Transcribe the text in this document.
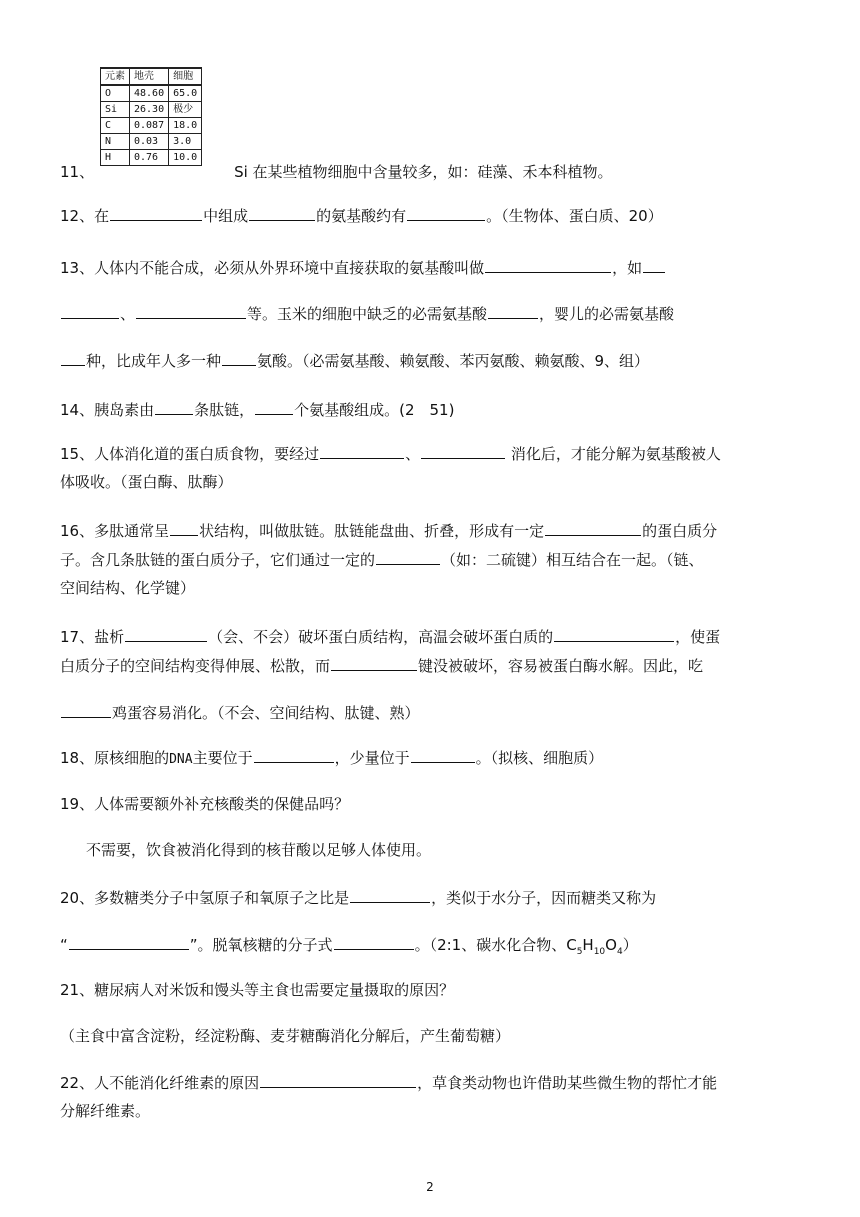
元素	地壳	细胞
O	48.60	65.0
Si	26.30	极少
C	0.087	18.0
N	0.03	3.0
H	0.76	10.0
11、	Si 在某些植物细胞中含量较多，如：硅藻、禾本科植物。
12、在	中组成	的氨基酸约有	。（生物体、蛋白质、20）
13、人体内不能合成，必须从外界环境中直接获取的氨基酸叫做	，如
、	等。玉米的细胞中缺乏的必需氨基酸	，婴儿的必需氨基酸
种，比成年人多一种 氨酸。（必需氨基酸、赖氨酸、苯丙氨酸、赖氨酸、9、组）
14、胰岛素由	条肽链，	个氨基酸组成。(2　51)
15、人体消化道的蛋白质食物，要经过	、	消化后，才能分解为氨基酸被人
体吸收。（蛋白酶、肽酶）
16、多肽通常呈 状结构，叫做肽链。肽链能盘曲、折叠，形成有一定	的蛋白质分
子。含几条肽链的蛋白质分子，它们通过一定的	（如：二硫键）相互结合在一起。（链、
空间结构、化学键）
17、盐析	（会、不会）破坏蛋白质结构，高温会破坏蛋白质的	，使蛋
白质分子的空间结构变得伸展、松散，而	键没被破坏，容易被蛋白酶水解。因此，吃
鸡蛋容易消化。（不会、空间结构、肽键、熟）
18、原核细胞的DNA主要位于	，少量位于	。（拟核、细胞质）
19、人体需要额外补充核酸类的保健品吗？
不需要，饮食被消化得到的核苷酸以足够人体使用。
20、多数糖类分子中氢原子和氧原子之比是	，类似于水分子，因而糖类又称为
“	”。脱氧核糖的分子式	。（2:1、碳水化合物、$C_5H_{10}O_4$）
21、糖尿病人对米饭和馒头等主食也需要定量摄取的原因？
（主食中富含淀粉，经淀粉酶、麦芽糖酶消化分解后，产生葡萄糖）
22、人不能消化纤维素的原因	，草食类动物也许借助某些微生物的帮忙才能
分解纤维素。
2
